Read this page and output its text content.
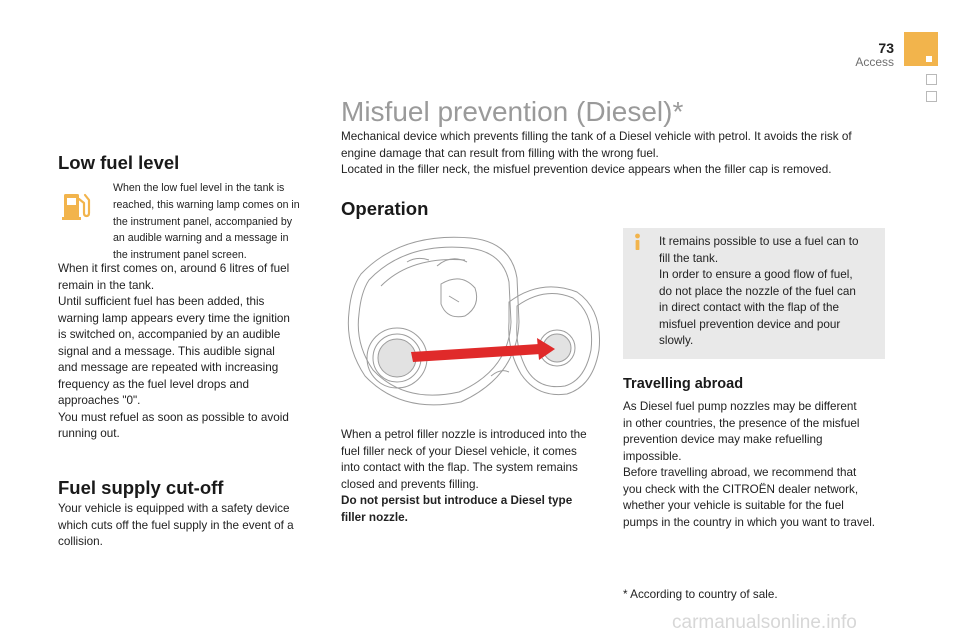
73
Access
Low fuel level

When the low fuel level in the tank is

reached, this warning lamp comes on in

the instrument panel, accompanied by

an audible warning and a message in

the instrument panel screen.

When it first comes on, around 6 litres of fuel

remain in the tank.

Until sufficient fuel has been added, this

warning lamp appears every time the ignition

is switched on, accompanied by an audible

signal and a message. This audible signal

and message are repeated with increasing

frequency as the fuel level drops and

approaches "0".

You must refuel as soon as possible to avoid

running out.

Fuel supply cut-off

Your vehicle is equipped with a safety device

which cuts off the fuel supply in the event of a

collision.

Misfuel prevention (Diesel)*

Mechanical device which prevents filling the tank of a Diesel vehicle with petrol. It avoids the risk of

engine damage that can result from filling with the wrong fuel.

Located in the filler neck, the misfuel prevention device appears when the filler cap is removed.

Operation

When a petrol filler nozzle is introduced into the

fuel filler neck of your Diesel vehicle, it comes

into contact with the flap. The system remains

closed and prevents filling.

Do not persist but introduce a Diesel type

filler nozzle.

It remains possible to use a fuel can to

fill the tank.

In order to ensure a good flow of fuel,

do not place the nozzle of the fuel can

in direct contact with the flap of the

misfuel prevention device and pour

slowly.

Travelling abroad

As Diesel fuel pump nozzles may be different

in other countries, the presence of the misfuel

prevention device may make refuelling

impossible.

Before travelling abroad, we recommend that

you check with the CITROËN dealer network,

whether your vehicle is suitable for the fuel

pumps in the country in which you want to travel.

* According to country of sale.

carmanualsonline.info
